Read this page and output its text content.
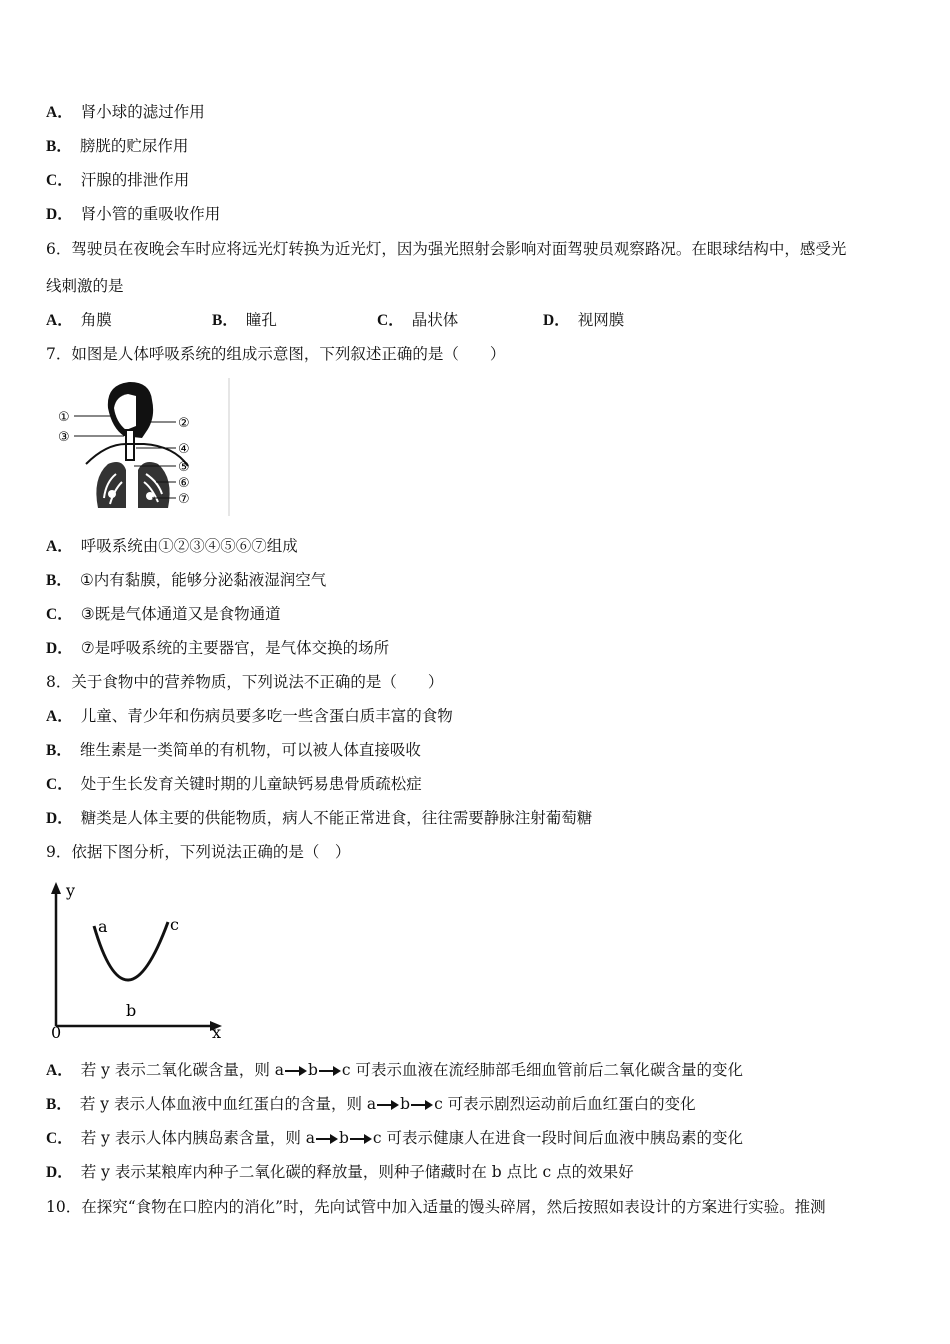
A． 肾小球的滤过作用
B． 膀胱的贮尿作用
C． 汗腺的排泄作用
D． 肾小管的重吸收作用
6．驾驶员在夜晚会车时应将远光灯转换为近光灯，因为强光照射会影响对面驾驶员观察路况。在眼球结构中，感受光
线刺激的是
A． 角膜	B． 瞳孔	C． 晶状体	D． 视网膜
7．如图是人体呼吸系统的组成示意图，下列叙述正确的是（　　）
①
③
②
④
⑤
⑥
⑦
A． 呼吸系统由①②③④⑤⑥⑦组成
B． ①内有黏膜，能够分泌黏液湿润空气
C． ③既是气体通道又是食物通道
D． ⑦是呼吸系统的主要器官，是气体交换的场所
8．关于食物中的营养物质，下列说法不正确的是（　　）
A． 儿童、青少年和伤病员要多吃一些含蛋白质丰富的食物
B． 维生素是一类简单的有机物，可以被人体直接吸收
C． 处于生长发育关键时期的儿童缺钙易患骨质疏松症
D． 糖类是人体主要的供能物质，病人不能正常进食，往往需要静脉注射葡萄糖
9．依据下图分析，下列说法正确的是（　）
y
x
0
a
b
c
A． 若 y 表示二氧化碳含量，则 a b c 可表示血液在流经肺部毛细血管前后二氧化碳含量的变化
B． 若 y 表示人体血液中血红蛋白的含量，则 a b c 可表示剧烈运动前后血红蛋白的变化
C． 若 y 表示人体内胰岛素含量，则 a b c 可表示健康人在进食一段时间后血液中胰岛素的变化
D． 若 y 表示某粮库内种子二氧化碳的释放量，则种子储藏时在 b 点比 c 点的效果好
10．在探究“食物在口腔内的消化”时，先向试管中加入适量的馒头碎屑，然后按照如表设计的方案进行实验。推测
